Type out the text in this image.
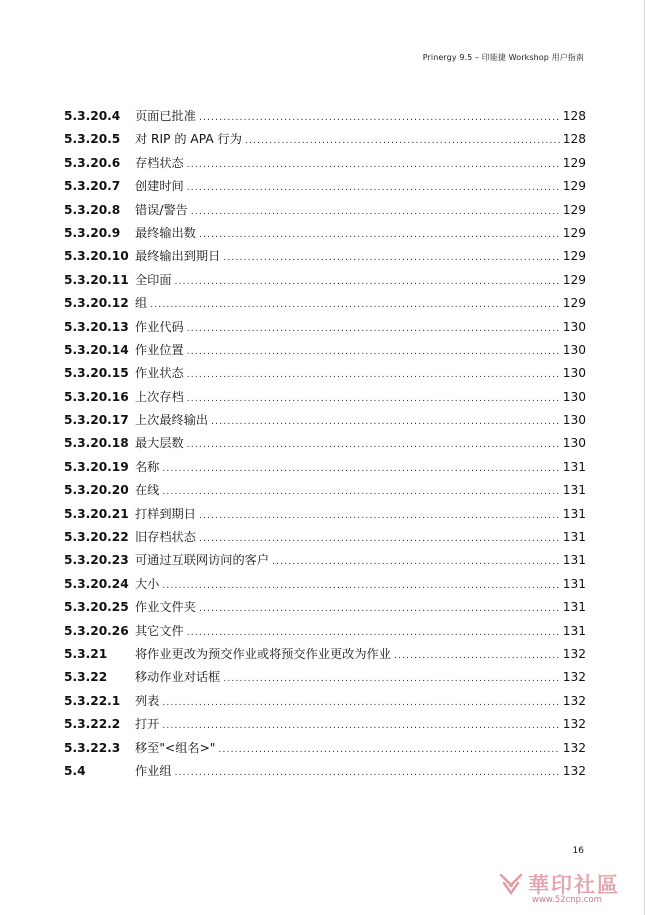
Prinergy 9.5 – 印能捷 Workshop 用户指南
5.3.20.4	页面已批准 .....	128
5.3.20.5	对 RIP 的 APA 行为 .....	128
5.3.20.6	存档状态 .....	129
5.3.20.7	创建时间 .....	129
5.3.20.8	错误/警告 .....	129
5.3.20.9	最终输出数 .....	129
5.3.20.10 最终输出到期日 .....	129
5.3.20.11 全印面 .....	129
5.3.20.12 组 .....	129
5.3.20.13 作业代码 .....	130
5.3.20.14 作业位置 .....	130
5.3.20.15 作业状态 .....	130
5.3.20.16 上次存档 .....	130
5.3.20.17 上次最终输出 .....	130
5.3.20.18 最大层数 .....	130
5.3.20.19 名称 .....	131
5.3.20.20 在线 .....	131
5.3.20.21 打样到期日 .....	131
5.3.20.22 旧存档状态 .....	131
5.3.20.23 可通过互联网访问的客户 .....	131
5.3.20.24 大小 .....	131
5.3.20.25 作业文件夹 .....	131
5.3.20.26 其它文件 .....	131
5.3.21	将作业更改为预交作业或将预交作业更改为作业 .....	132
5.3.22	移动作业对话框 .....	132
5.3.22.1	列表 .....	132
5.3.22.2	打开 .....	132
5.3.22.3	移至"<组名>" .....	132
5.4	作业组 .....	132
16
華印社區
www.52cnp.com
